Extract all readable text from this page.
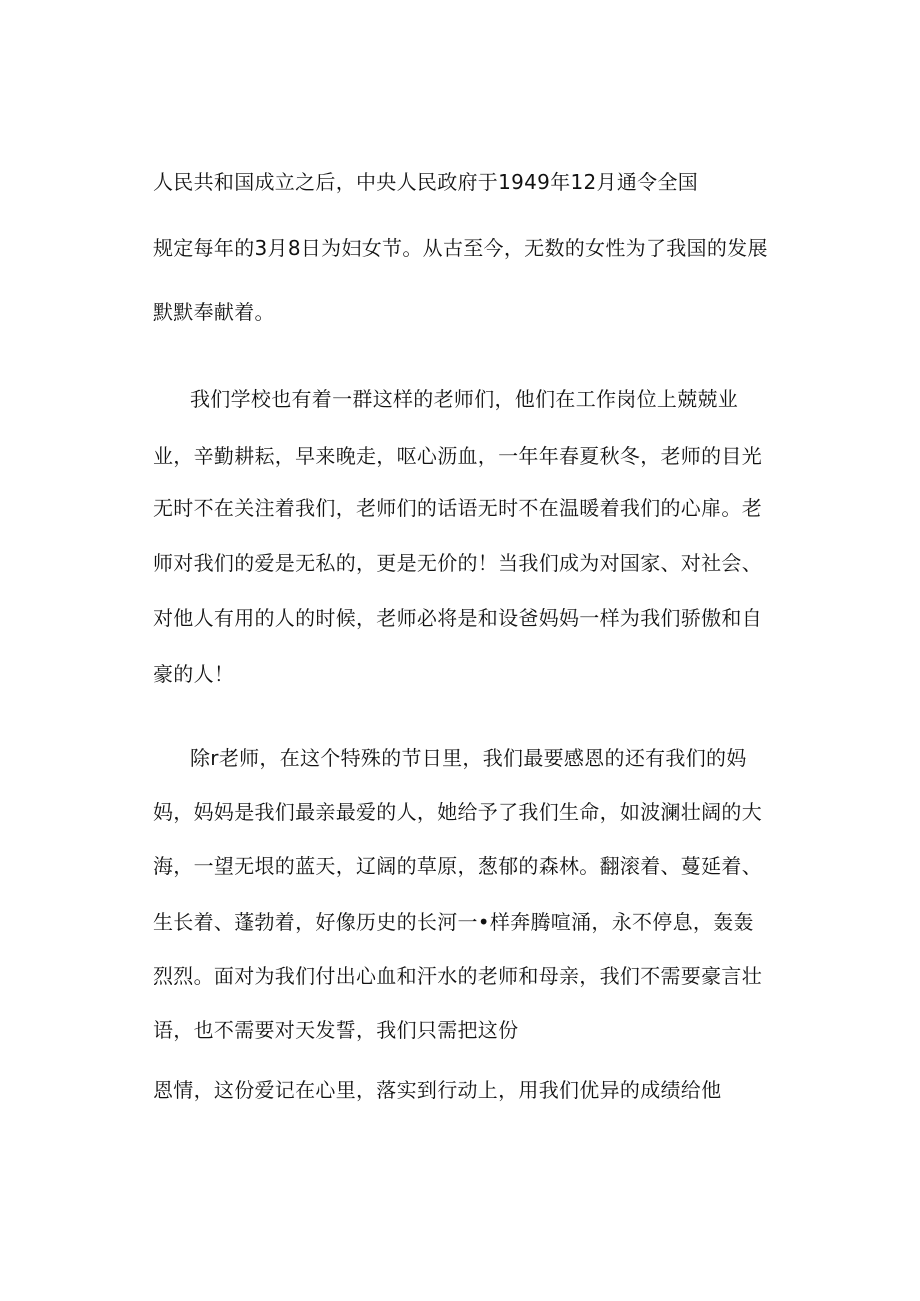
人民共和国成立之后，中央人民政府于1949年12月通令全国
规定每年的3月8日为妇女节。从古至今，无数的女性为了我国的发展
默默奉献着。
我们学校也有着一群这样的老师们，他们在工作岗位上兢兢业
业，辛勤耕耘，早来晚走，呕心沥血，一年年春夏秋冬，老师的目光
无时不在关注着我们，老师们的话语无时不在温暖着我们的心扉。老
师对我们的爱是无私的，更是无价的！当我们成为对国家、对社会、
对他人有用的人的时候，老师必将是和设爸妈妈一样为我们骄傲和自
豪的人！
除r老师，在这个特殊的节日里，我们最要感恩的还有我们的妈
妈，妈妈是我们最亲最爱的人，她给予了我们生命，如波澜壮阔的大
海，一望无垠的蓝天，辽阔的草原，葱郁的森林。翻滚着、蔓延着、
生长着、蓬勃着，好像历史的长河一•样奔腾喧涌，永不停息，轰轰
烈烈。面对为我们付出心血和汗水的老师和母亲，我们不需要豪言壮
语，也不需要对天发誓，我们只需把这份
恩情，这份爱记在心里，落实到行动上，用我们优异的成绩给他
